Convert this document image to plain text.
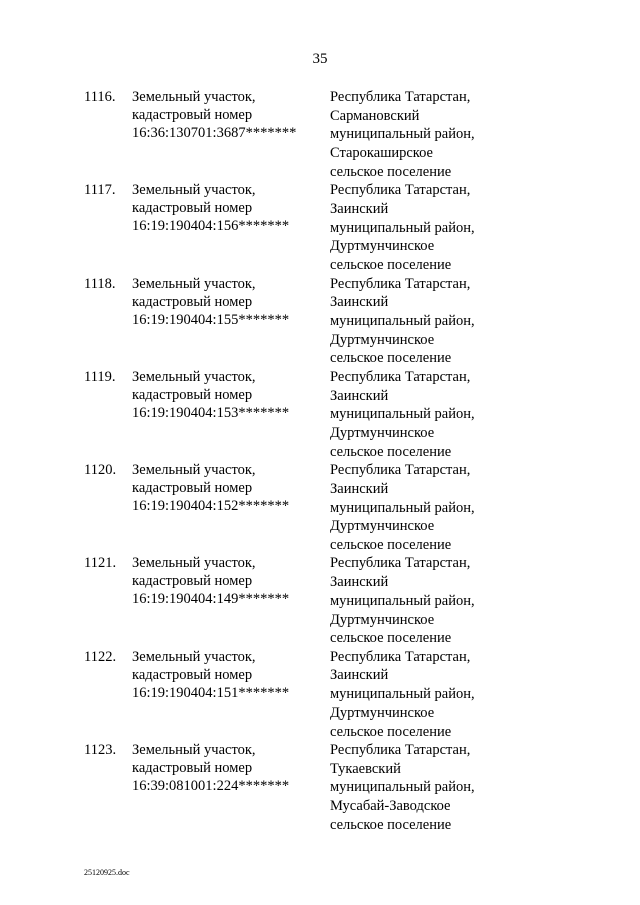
35
1116. Земельный участок,
кадастровый номер
16:36:130701:3687*******
Республика Татарстан,
Сармановский
муниципальный район,
Старокаширское
сельское поселение
1117. Земельный участок,
кадастровый номер
16:19:190404:156*******
Республика Татарстан,
Заинский
муниципальный район,
Дуртмунчинское
сельское поселение
1118. Земельный участок,
кадастровый номер
16:19:190404:155*******
Республика Татарстан,
Заинский
муниципальный район,
Дуртмунчинское
сельское поселение
1119. Земельный участок,
кадастровый номер
16:19:190404:153*******
Республика Татарстан,
Заинский
муниципальный район,
Дуртмунчинское
сельское поселение
1120. Земельный участок,
кадастровый номер
16:19:190404:152*******
Республика Татарстан,
Заинский
муниципальный район,
Дуртмунчинское
сельское поселение
1121. Земельный участок,
кадастровый номер
16:19:190404:149*******
Республика Татарстан,
Заинский
муниципальный район,
Дуртмунчинское
сельское поселение
1122. Земельный участок,
кадастровый номер
16:19:190404:151*******
Республика Татарстан,
Заинский
муниципальный район,
Дуртмунчинское
сельское поселение
1123. Земельный участок,
кадастровый номер
16:39:081001:224*******
Республика Татарстан,
Тукаевский
муниципальный район,
Мусабай-Заводское
сельское поселение
25120925.doc
